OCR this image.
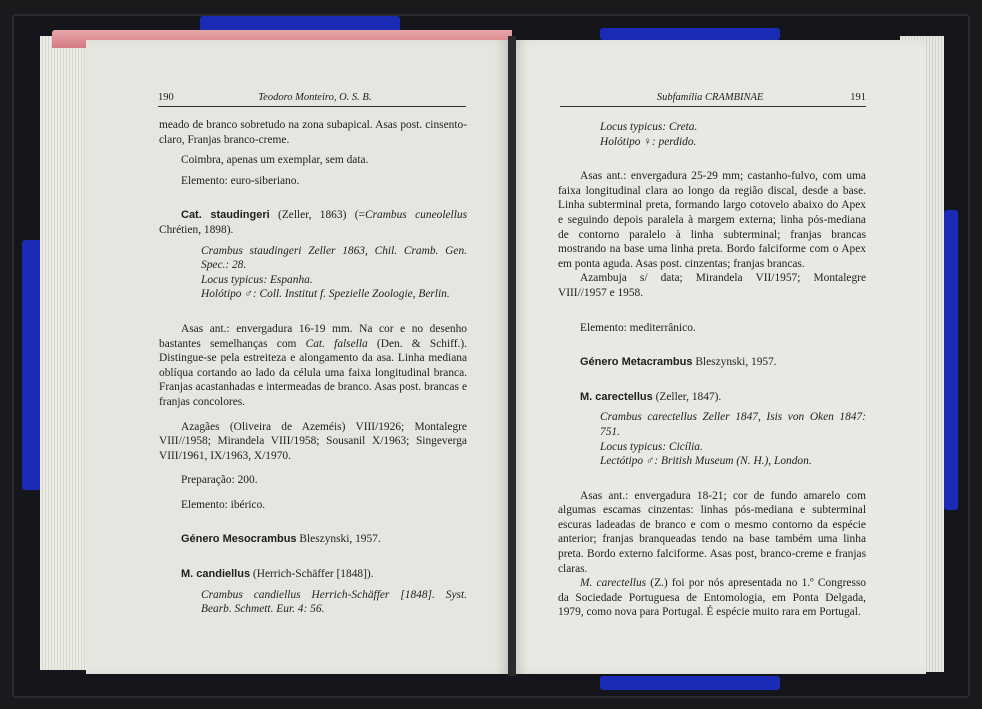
190	Teodoro Monteiro, O. S. B.	Subfamília CRAMBINAE	191

meado de branco sobretudo na zona subapical. Asas post. cinsento-claro, Franjas branco-creme.

Coimbra, apenas um exemplar, sem data.

Elemento: euro-siberiano.

Cat. staudingeri (Zeller, 1863) (=Crambus cuneolellus Chrétien, 1898).

Crambus staudingeri Zeller 1863, Chil. Cramb. Gen. Spec.: 28.

Locus typicus: Espanha.

Holótipo ♂: Coll. Institut f. Spezielle Zoologie, Berlin.

Asas ant.: envergadura 16-19 mm. Na cor e no desenho bastantes semelhanças com Cat. falsella (Den. & Schiff.). Distingue-se pela estreiteza e alongamento da asa. Linha mediana oblíqua cortando ao lado da célula uma faixa longitudinal branca. Franjas acastanhadas e intermeadas de branco. Asas post. brancas e franjas concolores.

Azagães (Oliveira de Azeméis) VIII/1926; Montalegre VIII//1958; Mirandela VIII/1958; Sousanil X/1963; Singeverga VIII/1961, IX/1963, X/1970.

Preparação: 200.

Elemento: ibérico.

Género Mesocrambus Bleszynski, 1957.

M. candiellus (Herrich-Schäffer [1848]).

Crambus candiellus Herrich-Schäffer [1848]. Syst. Bearb. Schmett. Eur. 4: 56.

Locus typicus: Creta.

Holótipo ♀: perdido.

Asas ant.: envergadura 25-29 mm; castanho-fulvo, com uma faixa longitudinal clara ao longo da região discal, desde a base. Linha subterminal preta, formando largo cotovelo abaixo do Apex e seguindo depois paralela à margem externa; linha pós-mediana de contorno paralelo à linha subterminal; franjas brancas mostrando na base uma linha preta. Bordo falciforme com o Apex em ponta aguda. Asas post. cinzentas; franjas brancas.

Azambuja s/ data; Mirandela VII/1957; Montalegre VIII//1957 e 1958.

Elemento: mediterrânico.

Género Metacrambus Bleszynski, 1957.

M. carectellus (Zeller, 1847).

Crambus carectellus Zeller 1847, Isis von Oken 1847: 751.

Locus typicus: Cicília.

Lectótipo ♂: British Museum (N. H.), London.

Asas ant.: envergadura 18-21; cor de fundo amarelo com algumas escamas cinzentas: linhas pós-mediana e subterminal escuras ladeadas de branco e com o mesmo contorno da espécie anterior; franjas branqueadas tendo na base também uma linha preta. Bordo externo falciforme. Asas post, branco-creme e franjas claras.

M. carectellus (Z.) foi por nós apresentada no 1.º Congresso da Sociedade Portuguesa de Entomologia, em Ponta Delgada, 1979, como nova para Portugal. É espécie muito rara em Portugal.
